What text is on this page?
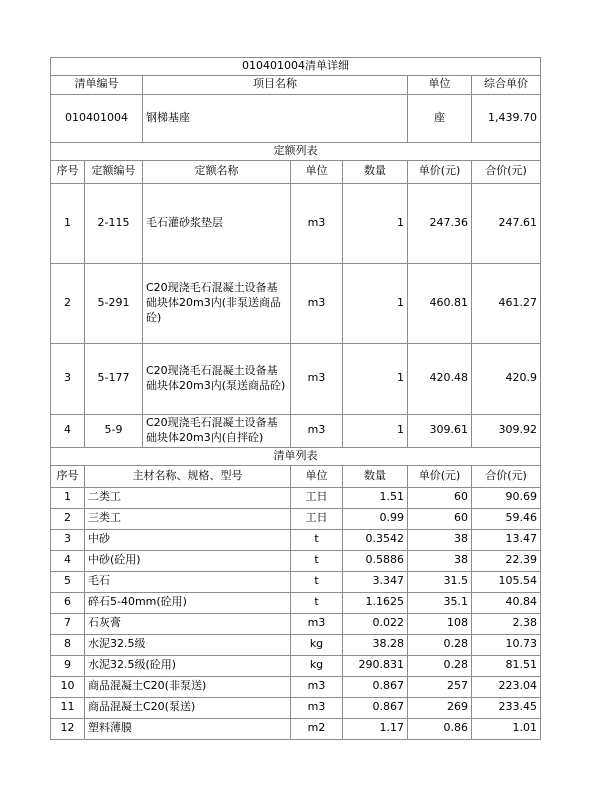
010401004清单详细						
清单编号		项目名称			单位	综合单价
010401004		钢梯基座			座	1,439.70
定额列表						
序号	定额编号	定额名称	单位	数量	单价(元)	合价(元)
1	2-115	毛石灌砂浆垫层	m3	1	247.36	247.61
2	5-291	C20现浇毛石混凝土设备基础块体20m3内(非泵送商品砼)	m3	1	460.81	461.27
3	5-177	C20现浇毛石混凝土设备基础块体20m3内(泵送商品砼)	m3	1	420.48	420.9
4	5-9	C20现浇毛石混凝土设备基础块体20m3内(自拌砼)	m3	1	309.61	309.92
清单列表						
序号	主材名称、规格、型号		单位	数量	单价(元)	合价(元)
1	二类工		工日	1.51	60	90.69
2	三类工		工日	0.99	60	59.46
3	中砂		t	0.3542	38	13.47
4	中砂(砼用)		t	0.5886	38	22.39
5	毛石		t	3.347	31.5	105.54
6	碎石5-40mm(砼用)		t	1.1625	35.1	40.84
7	石灰膏		m3	0.022	108	2.38
8	水泥32.5级		kg	38.28	0.28	10.73
9	水泥32.5级(砼用)		kg	290.831	0.28	81.51
10	商品混凝土C20(非泵送)		m3	0.867	257	223.04
11	商品混凝土C20(泵送)		m3	0.867	269	233.45
12	塑料薄膜		m2	1.17	0.86	1.01
